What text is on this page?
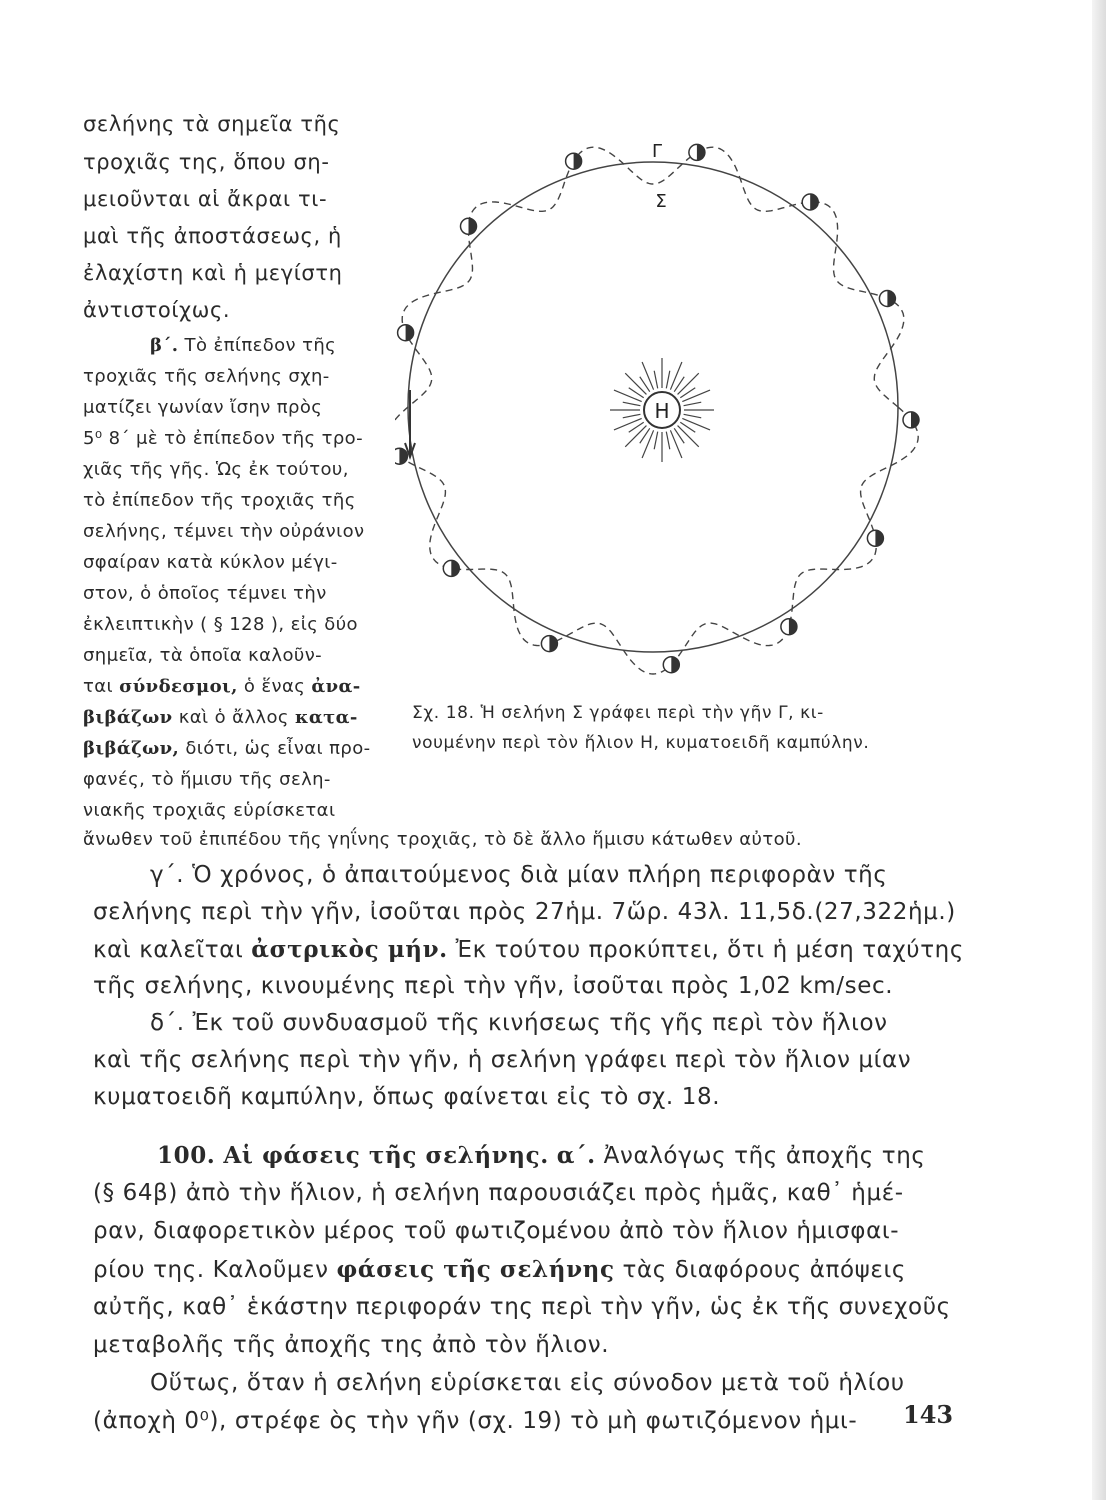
σελήνης τὰ σημεῖα τῆς
τροχιᾶς της, ὅπου ση-
μειοῦνται αἱ ἄκραι τι-
μαὶ τῆς ἀποστάσεως, ἡ
ἐλαχίστη καὶ ἡ μεγίστη
ἀντιστοίχως.
β΄. Τὸ ἐπίπεδον τῆς
τροχιᾶς τῆς σελήνης σχη-
ματίζει γωνίαν ἴσην πρὸς
5⁰ 8΄ μὲ τὸ ἐπίπεδον τῆς τρο-
χιᾶς τῆς γῆς. Ὡς ἐκ τούτου,
τὸ ἐπίπεδον τῆς τροχιᾶς τῆς
σελήνης, τέμνει τὴν οὐράνιον
σφαίραν κατὰ κύκλον μέγι-
στον, ὁ ὁποῖος τέμνει τὴν
ἐκλειπτικὴν ( § 128 ), εἰς δύο
σημεῖα, τὰ ὁποῖα καλοῦν-
ται σύνδεσμοι, ὁ ἕνας ἀνα-
βιβάζων καὶ ὁ ἄλλος κατα-
βιβάζων, διότι, ὡς εἶναι προ-
φανές, τὸ ἥμισυ τῆς σελη-
νιακῆς τροχιᾶς εὑρίσκεται
ἄνωθεν τοῦ ἐπιπέδου τῆς γηΐνης τροχιᾶς, τὸ δὲ ἄλλο ἥμισυ κάτωθεν αὐτοῦ.
Η
Γ
Σ
Σχ. 18. Ἡ σελήνη Σ γράφει περὶ τὴν γῆν Γ, κι-
νουμένην περὶ τὸν ἥλιον Η, κυματοειδῆ καμπύλην.
γ΄. Ὁ χρόνος, ὁ ἀπαιτούμενος διὰ μίαν πλήρη περιφορὰν τῆς
σελήνης περὶ τὴν γῆν, ἰσοῦται πρὸς 27ἡμ. 7ὥρ. 43λ. 11,5δ.(27,322ἡμ.)
καὶ καλεῖται ἀστρικὸς μήν. Ἐκ τούτου προκύπτει, ὅτι ἡ μέση ταχύτης
τῆς σελήνης, κινουμένης περὶ τὴν γῆν, ἰσοῦται πρὸς 1,02 km/sec.
δ΄. Ἐκ τοῦ συνδυασμοῦ τῆς κινήσεως τῆς γῆς περὶ τὸν ἥλιον
καὶ τῆς σελήνης περὶ τὴν γῆν, ἡ σελήνη γράφει περὶ τὸν ἥλιον μίαν
κυματοειδῆ καμπύλην, ὅπως φαίνεται εἰς τὸ σχ. 18.
100. Αἱ φάσεις τῆς σελήνης. α΄. Ἀναλόγως τῆς ἀποχῆς της
(§ 64β) ἀπὸ τὴν ἥλιον, ἡ σελήνη παρουσιάζει πρὸς ἡμᾶς, καθ᾽ ἡμέ-
ραν, διαφορετικὸν μέρος τοῦ φωτιζομένου ἀπὸ τὸν ἥλιον ἡμισφαι-
ρίου της. Καλοῦμεν φάσεις τῆς σελήνης τὰς διαφόρους ἀπόψεις
αὐτῆς, καθ᾽ ἑκάστην περιφοράν της περὶ τὴν γῆν, ὡς ἐκ τῆς συνεχοῦς
μεταβολῆς τῆς ἀποχῆς της ἀπὸ τὸν ἥλιον.
Οὕτως, ὅταν ἡ σελήνη εὑρίσκεται εἰς σύνοδον μετὰ τοῦ ἡλίου
(ἀποχὴ 0⁰), στρέφε ὸς τὴν γῆν (σχ. 19) τὸ μὴ φωτιζόμενον ἡμι- 143
